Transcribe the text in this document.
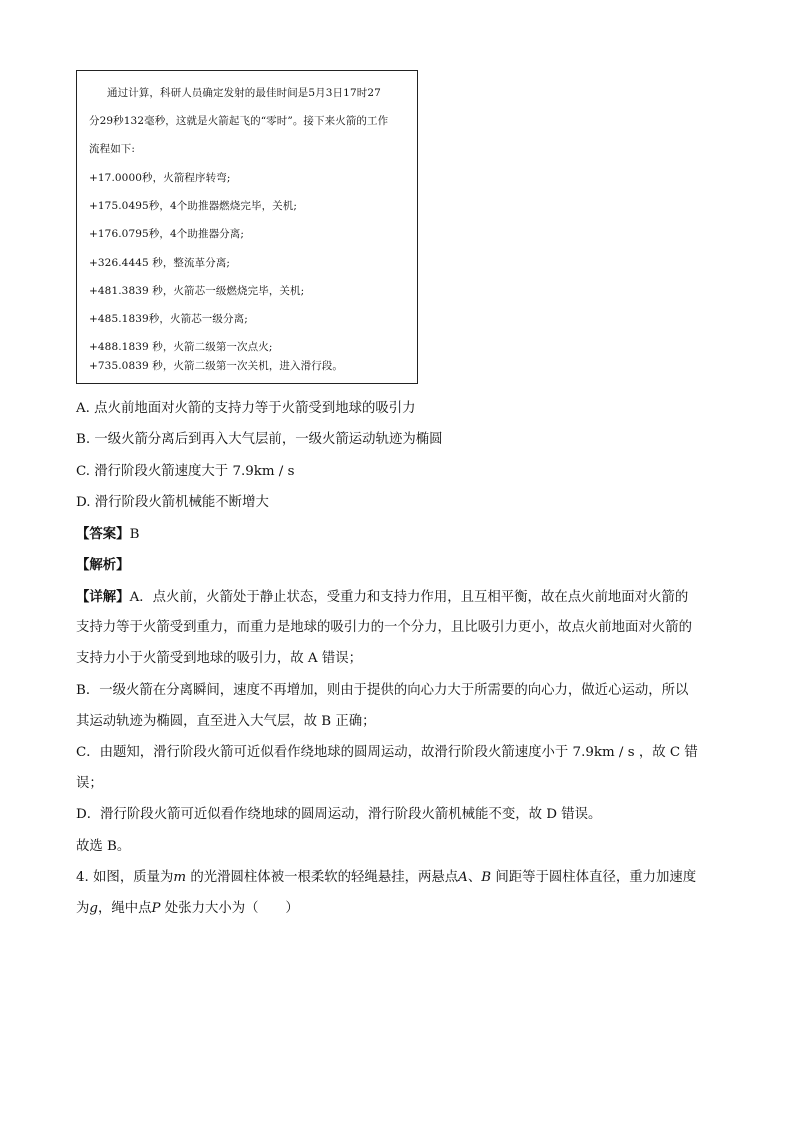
通过计算，科研人员确定发射的最佳时间是5月3日17时27
分29秒132毫秒，这就是火箭起飞的“零时”。接下来火箭的工作
流程如下:
+17.0000秒，火箭程序转弯;
+175.0495秒，4个助推器燃烧完毕，关机;
+176.0795秒，4个助推器分离;
+326.4445 秒，整流革分离;
+481.3839 秒，火箭芯一级燃烧完毕，关机;
+485.1839秒，火箭芯一级分离;
+488.1839 秒，火箭二级第一次点火;
+735.0839 秒，火箭二级第一次关机，进入滑行段。
A. 点火前地面对火箭的支持力等于火箭受到地球的吸引力
B. 一级火箭分离后到再入大气层前，一级火箭运动轨迹为椭圆
C. 滑行阶段火箭速度大于 7.9km / s
D. 滑行阶段火箭机械能不断增大
【答案】B
【解析】
【详解】A．点火前，火箭处于静止状态，受重力和支持力作用，且互相平衡，故在点火前地面对火箭的
支持力等于火箭受到重力，而重力是地球的吸引力的一个分力，且比吸引力更小，故点火前地面对火箭的
支持力小于火箭受到地球的吸引力，故 A 错误；
B．一级火箭在分离瞬间，速度不再增加，则由于提供的向心力大于所需要的向心力，做近心运动，所以
其运动轨迹为椭圆，直至进入大气层，故 B 正确；
C．由题知，滑行阶段火箭可近似看作绕地球的圆周运动，故滑行阶段火箭速度小于 7.9km / s ，故 C 错
误；
D．滑行阶段火箭可近似看作绕地球的圆周运动，滑行阶段火箭机械能不变，故 D 错误。
故选 B。
4. 如图，质量为m 的光滑圆柱体被一根柔软的轻绳悬挂，两悬点A、B 间距等于圆柱体直径，重力加速度
为g，绳中点P 处张力大小为（　　）
